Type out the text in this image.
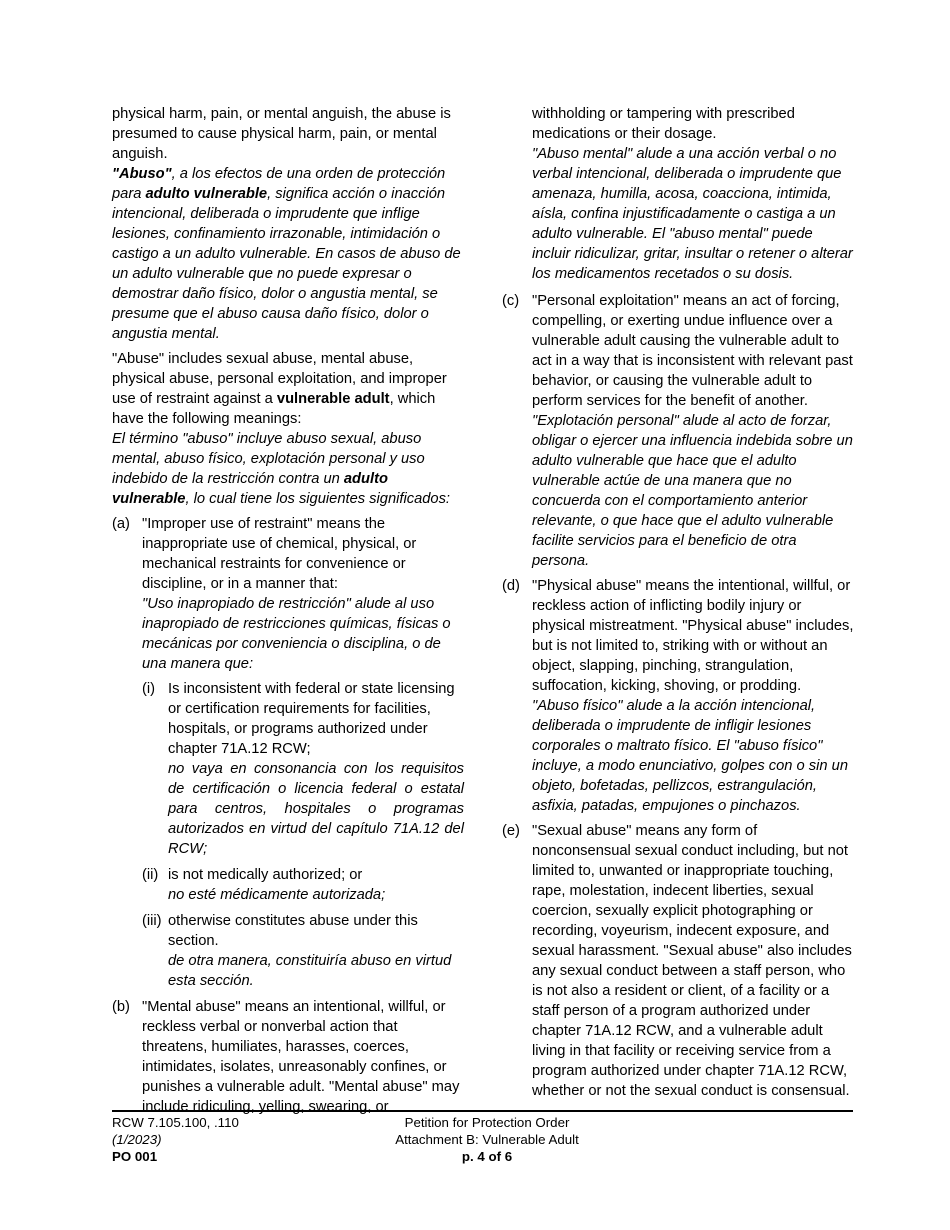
physical harm, pain, or mental anguish, the abuse is presumed to cause physical harm, pain, or mental anguish.

"Abuso", a los efectos de una orden de protección para adulto vulnerable, significa acción o inacción intencional, deliberada o imprudente que inflige lesiones, confinamiento irrazonable, intimidación o castigo a un adulto vulnerable. En casos de abuso de un adulto vulnerable que no puede expresar o demostrar daño físico, dolor o angustia mental, se presume que el abuso causa daño físico, dolor o angustia mental.

"Abuse" includes sexual abuse, mental abuse, physical abuse, personal exploitation, and improper use of restraint against a vulnerable adult, which have the following meanings:

El término "abuso" incluye abuso sexual, abuso mental, abuso físico, explotación personal y uso indebido de la restricción contra un adulto vulnerable, lo cual tiene los siguientes significados:

(a) "Improper use of restraint" means the inappropriate use of chemical, physical, or mechanical restraints for convenience or discipline, or in a manner that:
"Uso inapropiado de restricción" alude al uso inapropiado de restricciones químicas, físicas o mecánicas por conveniencia o disciplina, o de una manera que:
(i) Is inconsistent with federal or state licensing or certification requirements for facilities, hospitals, or programs authorized under chapter 71A.12 RCW;
no vaya en consonancia con los requisitos de certificación o licencia federal o estatal para centros, hospitales o programas autorizados en virtud del capítulo 71A.12 del RCW;
(ii) is not medically authorized; or
no esté médicamente autorizada;
(iii) otherwise constitutes abuse under this section.
de otra manera, constituiría abuso en virtud esta sección.
(b) "Mental abuse" means an intentional, willful, or reckless verbal or nonverbal action that threatens, humiliates, harasses, coerces, intimidates, isolates, unreasonably confines, or punishes a vulnerable adult. "Mental abuse" may include ridiculing, yelling, swearing, or
withholding or tampering with prescribed medications or their dosage.
"Abuso mental" alude a una acción verbal o no verbal intencional, deliberada o imprudente que amenaza, humilla, acosa, coacciona, intimida, aísla, confina injustificadamente o castiga a un adulto vulnerable. El "abuso mental" puede incluir ridiculizar, gritar, insultar o retener o alterar los medicamentos recetados o su dosis.
(c) "Personal exploitation" means an act of forcing, compelling, or exerting undue influence over a vulnerable adult causing the vulnerable adult to act in a way that is inconsistent with relevant past behavior, or causing the vulnerable adult to perform services for the benefit of another.
"Explotación personal" alude al acto de forzar, obligar o ejercer una influencia indebida sobre un adulto vulnerable que hace que el adulto vulnerable actúe de una manera que no concuerda con el comportamiento anterior relevante, o que hace que el adulto vulnerable facilite servicios para el beneficio de otra persona.
(d) "Physical abuse" means the intentional, willful, or reckless action of inflicting bodily injury or physical mistreatment. "Physical abuse" includes, but is not limited to, striking with or without an object, slapping, pinching, strangulation, suffocation, kicking, shoving, or prodding.
"Abuso físico" alude a la acción intencional, deliberada o imprudente de infligir lesiones corporales o maltrato físico. El "abuso físico" incluye, a modo enunciativo, golpes con o sin un objeto, bofetadas, pellizcos, estrangulación, asfixia, patadas, empujones o pinchazos.
(e) "Sexual abuse" means any form of nonconsensual sexual conduct including, but not limited to, unwanted or inappropriate touching, rape, molestation, indecent liberties, sexual coercion, sexually explicit photographing or recording, voyeurism, indecent exposure, and sexual harassment. "Sexual abuse" also includes any sexual conduct between a staff person, who is not also a resident or client, of a facility or a staff person of a program authorized under chapter 71A.12 RCW, and a vulnerable adult living in that facility or receiving service from a program authorized under chapter 71A.12 RCW, whether or not the sexual conduct is consensual.
RCW 7.105.100, .110
(1/2023)
PO 001
Petition for Protection Order
Attachment B: Vulnerable Adult
p. 4 of 6
